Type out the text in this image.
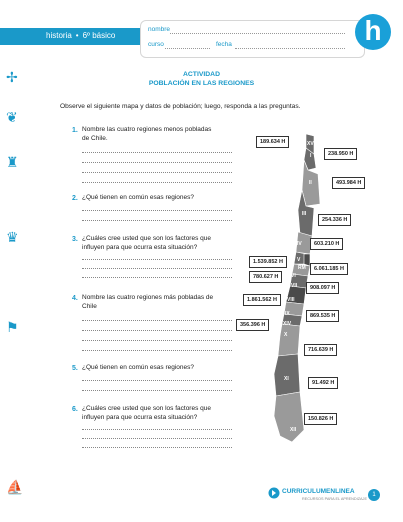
✢
❦
♜
♛
⚑
⛵
historia • 6º básico
nombre
curso	fecha	h
ACTIVIDAD
POBLACIÓN EN LAS REGIONES
Observe el siguiente mapa y datos de población; luego, responda a las preguntas.
1. Nombre las cuatro regiones menos pobladas
de Chile.
2. ¿Qué tienen en común esas regiones?
3. ¿Cuáles cree usted que son los factores que
influyen para que ocurra esta situación?
4. Nombre las cuatro regiones más pobladas de
Chile
5. ¿Qué tienen en común esas regiones?
6. ¿Cuáles cree usted que son los factores que
influyen para que ocurra esta situación?
XV
I
II
III
IV
V
RM
VI
VII
VIII
IX
XIV
X
XI
XII
189.634 H
238.950 H
493.984 H
254.336 H
603.210 H
1.539.852 H
6.061.185 H
780.627 H
908.097 H
1.861.562 H
869.535 H
356.396 H
716.639 H
91.492 H
150.826 H
CURRICULUMENLINEA
RECURSOS PARA EL APRENDIZAJE
1
